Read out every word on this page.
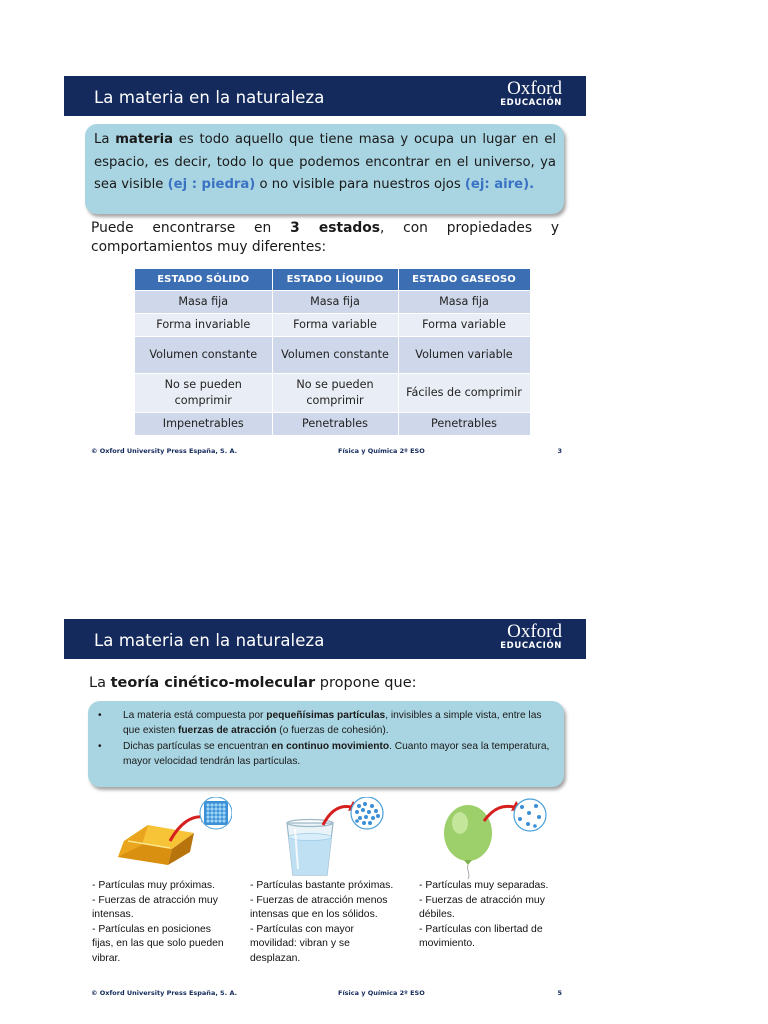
La materia en la naturaleza	Oxford
EDUCACIÓN
La materia es todo aquello que tiene masa y ocupa un lugar en el espacio, es decir, todo lo que podemos encontrar en el universo, ya sea visible (ej : piedra) o no visible para nuestros ojos (ej: aire).
Puede encontrarse en 3 estados, con propiedades y comportamientos muy diferentes:
ESTADO SÓLIDO	ESTADO LÍQUIDO	ESTADO GASEOSO
Masa fija	Masa fija	Masa fija
Forma invariable	Forma variable	Forma variable
Volumen constante	Volumen constante	Volumen variable
No se pueden comprimir	No se pueden comprimir	Fáciles de comprimir
Impenetrables	Penetrables	Penetrables
© Oxford University Press España, S. A.	Física y Química 2º ESO	3
La materia en la naturaleza	Oxford
EDUCACIÓN
La teoría cinético-molecular propone que:
• La materia está compuesta por pequeñísimas partículas, invisibles a simple vista, entre las que existen fuerzas de atracción (o fuerzas de cohesión).
• Dichas partículas se encuentran en continuo movimiento. Cuanto mayor sea la temperatura, mayor velocidad tendrán las partículas.
- Partículas muy próximas.
- Fuerzas de atracción muy
intensas.
- Partículas en posiciones
fijas, en las que solo pueden
vibrar.
- Partículas bastante próximas.
- Fuerzas de atracción menos
intensas que en los sólidos.
- Partículas con mayor
movilidad: vibran y se
desplazan.
- Partículas muy separadas.
- Fuerzas de atracción muy
débiles.
- Partículas con libertad de
movimiento.
© Oxford University Press España, S. A.	Física y Química 2º ESO	5
